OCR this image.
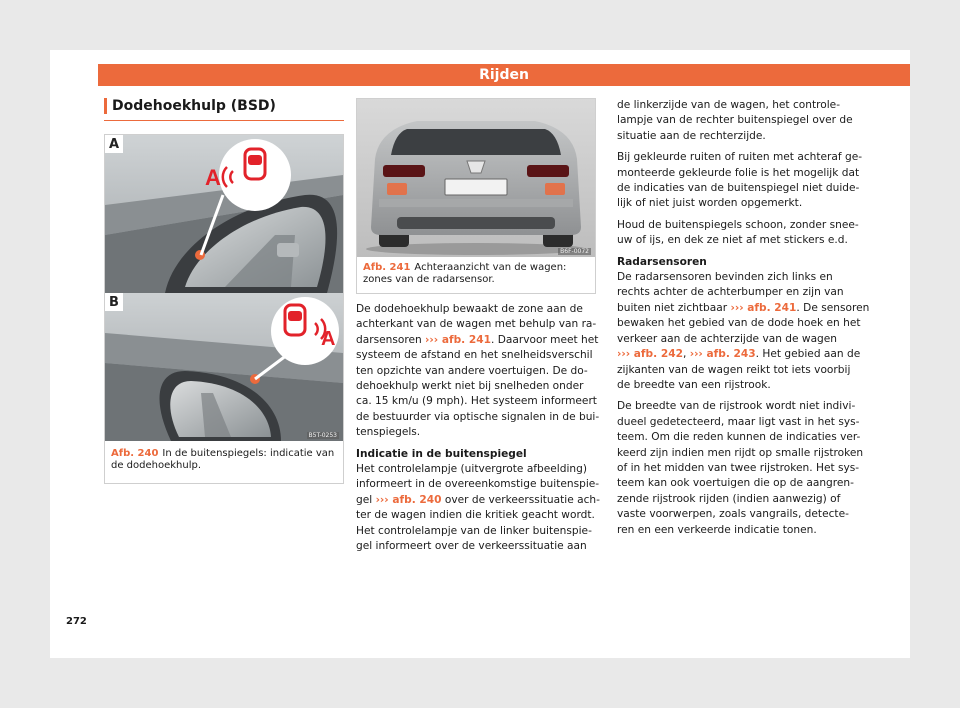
Rijden
Dodehoekhulp (BSD)
A
A
B
A
B5T-0253
Afb. 240 In de buitenspiegels: indicatie van de dodehoekhulp.
B6F-0072
Afb. 241 Achteraanzicht van de wagen: zones van de radarsensor.
De dodehoekhulp bewaakt de zone aan de
achterkant van de wagen met behulp van ra-
darsensoren ››› afb. 241. Daarvoor meet het
systeem de afstand en het snelheidsverschil
ten opzichte van andere voertuigen. De do-
dehoekhulp werkt niet bij snelheden onder
ca. 15 km/u (9 mph). Het systeem informeert
de bestuurder via optische signalen in de bui-
tenspiegels.
Indicatie in de buitenspiegel
Het controlelampje (uitvergrote afbeelding)
informeert in de overeenkomstige buitenspie-
gel ››› afb. 240 over de verkeerssituatie ach-
ter de wagen indien die kritiek geacht wordt.
Het controlelampje van de linker buitenspie-
gel informeert over de verkeerssituatie aan
de linkerzijde van de wagen, het controle-
lampje van de rechter buitenspiegel over de
situatie aan de rechterzijde.
Bij gekleurde ruiten of ruiten met achteraf ge-
monteerde gekleurde folie is het mogelijk dat
de indicaties van de buitenspiegel niet duide-
lijk of niet juist worden opgemerkt.
Houd de buitenspiegels schoon, zonder snee-
uw of ijs, en dek ze niet af met stickers e.d.
Radarsensoren
De radarsensoren bevinden zich links en
rechts achter de achterbumper en zijn van
buiten niet zichtbaar ››› afb. 241. De sensoren
bewaken het gebied van de dode hoek en het
verkeer aan de achterzijde van de wagen
››› afb. 242, ››› afb. 243. Het gebied aan de
zijkanten van de wagen reikt tot iets voorbij
de breedte van een rijstrook.
De breedte van de rijstrook wordt niet indivi-
dueel gedetecteerd, maar ligt vast in het sys-
teem. Om die reden kunnen de indicaties ver-
keerd zijn indien men rijdt op smalle rijstroken
of in het midden van twee rijstroken. Het sys-
teem kan ook voertuigen die op de aangren-
zende rijstrook rijden (indien aanwezig) of
vaste voorwerpen, zoals vangrails, detecte-
ren en een verkeerde indicatie tonen.
272
